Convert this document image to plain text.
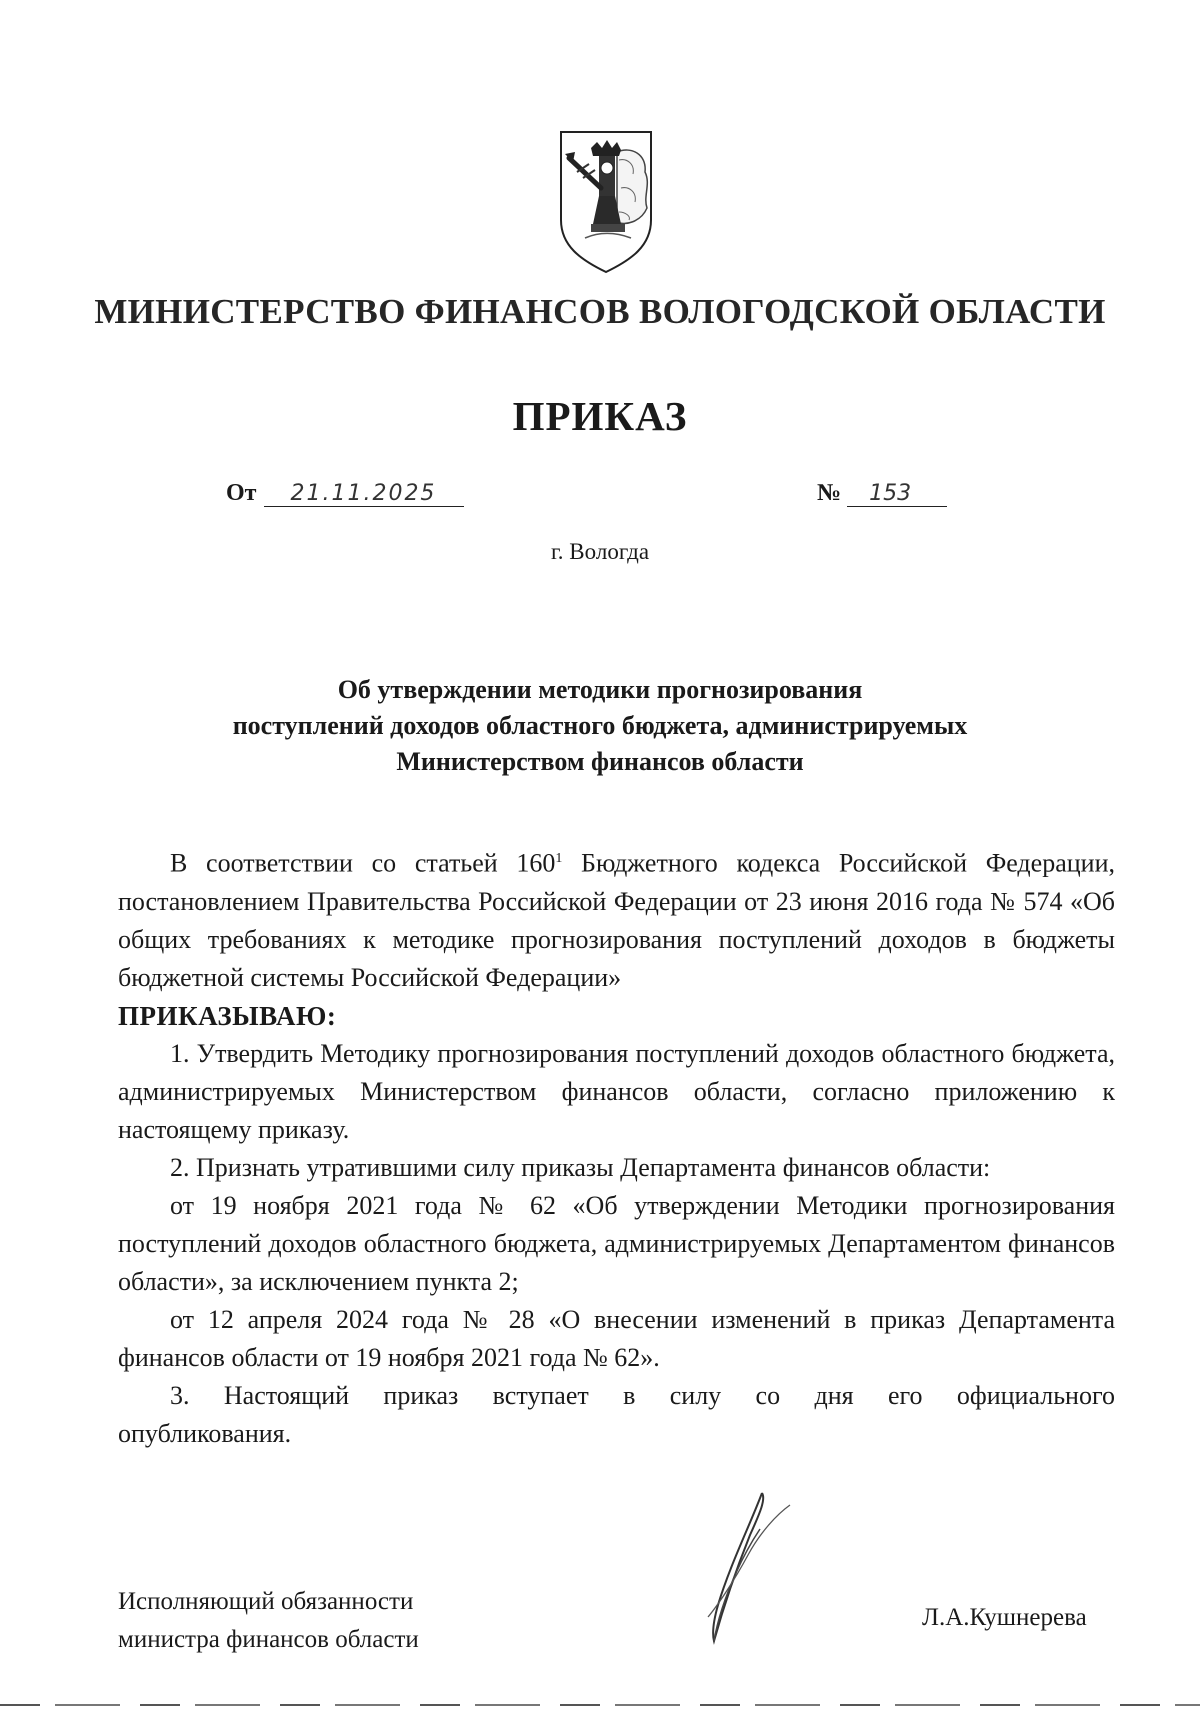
МИНИСТЕРСТВО ФИНАНСОВ ВОЛОГОДСКОЙ ОБЛАСТИ
ПРИКАЗ
От 21.11.2025	№ 153
г. Вологда
Об утверждении методики прогнозирования
поступлений доходов областного бюджета, администрируемых
Министерством финансов области

В соответствии со статьей $160^1$ Бюджетного кодекса Российской Федерации, постановлением Правительства Российской Федерации от 23 июня 2016 года № 574 «Об общих требованиях к методике прогнозирования поступлений доходов в бюджеты бюджетной системы Российской Федерации»

ПРИКАЗЫВАЮ:

1. Утвердить Методику прогнозирования поступлений доходов областного бюджета, администрируемых Министерством финансов области, согласно приложению к настоящему приказу.

2. Признать утратившими силу приказы Департамента финансов области:

от 19 ноября 2021 года № 62 «Об утверждении Методики прогнозирования поступлений доходов областного бюджета, администрируемых Департаментом финансов области», за исключением пункта 2;

от 12 апреля 2024 года № 28 «О внесении изменений в приказ Департамента финансов области от 19 ноября 2021 года № 62».

3. Настоящий приказ вступает в силу со дня его официального

опубликования.

Исполняющий обязанности
министра финансов области
Л.А.Кушнерева
